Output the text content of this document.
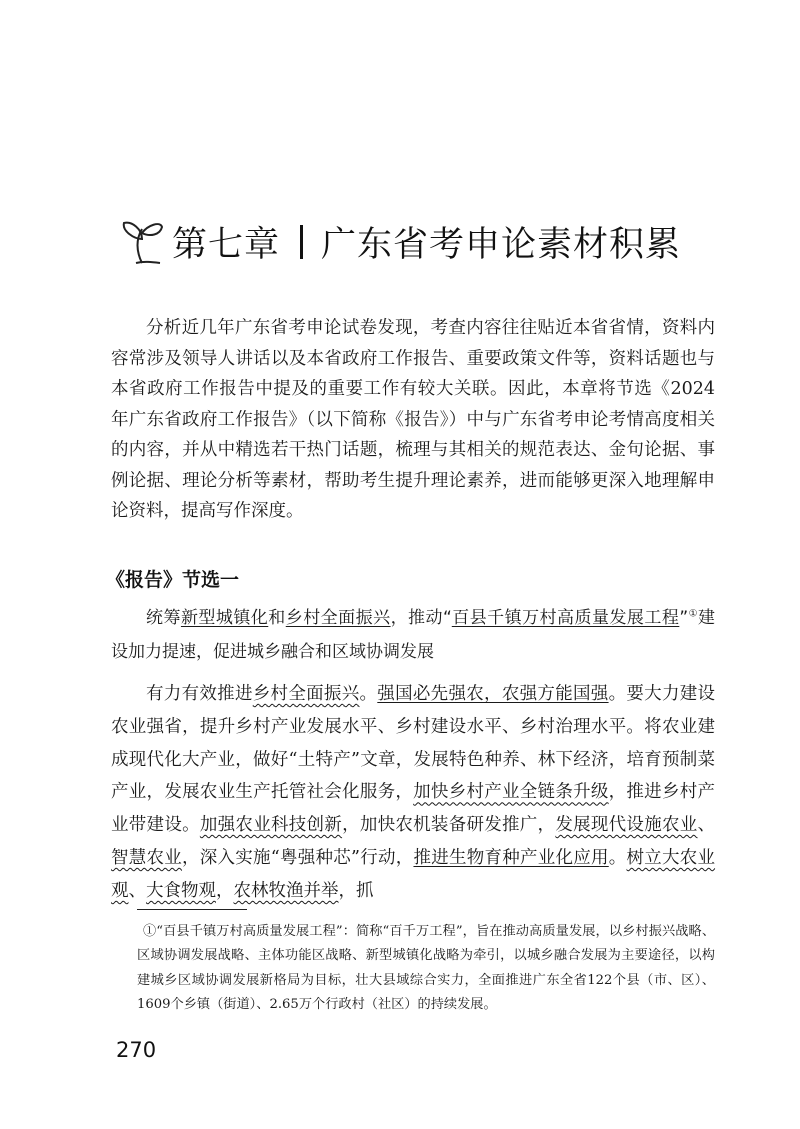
第七章 广东省考申论素材积累

分析近几年广东省考申论试卷发现，考查内容往往贴近本省省情，资料内容常涉及领导人讲话以及本省政府工作报告、重要政策文件等，资料话题也与本省政府工作报告中提及的重要工作有较大关联。因此，本章将节选《2024年广东省政府工作报告》（以下简称《报告》）中与广东省考申论考情高度相关的内容，并从中精选若干热门话题，梳理与其相关的规范表达、金句论据、事例论据、理论分析等素材，帮助考生提升理论素养，进而能够更深入地理解申论资料，提高写作深度。

《报告》节选一

统筹新型城镇化和乡村全面振兴，推动“百县千镇万村高质量发展工程”①建设加力提速，促进城乡融合和区域协调发展

有力有效推进乡村全面振兴。强国必先强农，农强方能国强。要大力建设农业强省，提升乡村产业发展水平、乡村建设水平、乡村治理水平。将农业建成现代化大产业，做好“土特产”文章，发展特色种养、林下经济，培育预制菜产业，发展农业生产托管社会化服务，加快乡村产业全链条升级，推进乡村产业带建设。加强农业科技创新，加快农机装备研发推广，发展现代设施农业、智慧农业，深入实施“粤强种芯”行动，推进生物育种产业化应用。树立大农业观、大食物观，农林牧渔并举，抓

①“百县千镇万村高质量发展工程”：简称“百千万工程”，旨在推动高质量发展，以乡村振兴战略、区域协调发展战略、主体功能区战略、新型城镇化战略为牵引，以城乡融合发展为主要途径，以构建城乡区域协调发展新格局为目标，壮大县域综合实力，全面推进广东全省122个县（市、区）、1609个乡镇（街道）、2.65万个行政村（社区）的持续发展。

270
